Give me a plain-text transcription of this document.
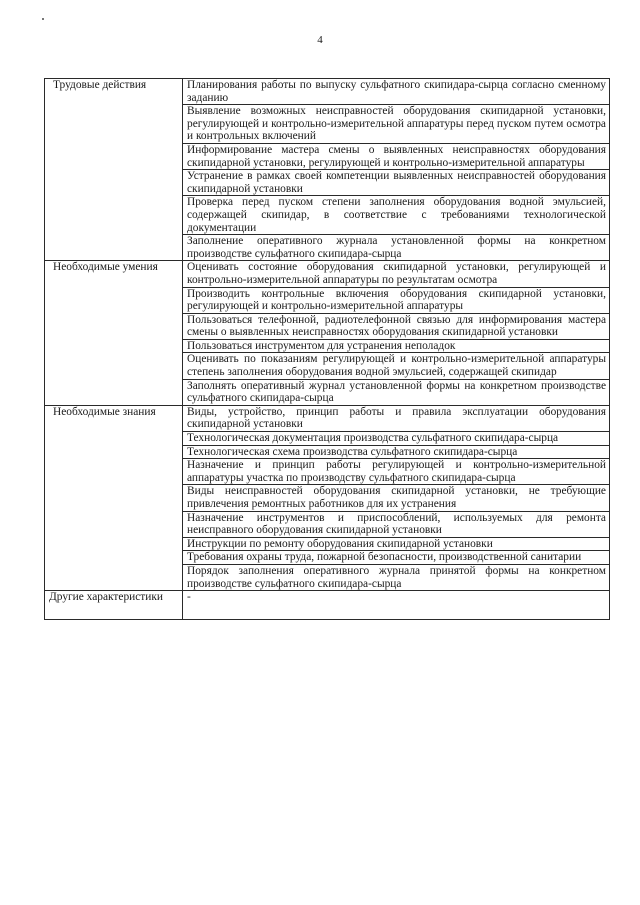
4
Трудовые действия	Планирования работы по выпуску сульфатного скипидара-сырца согласно сменному заданию
	Выявление возможных неисправностей оборудования скипидарной установки, регулирующей и контрольно-измерительной аппаратуры перед пуском путем осмотра и контрольных включений
	Информирование мастера смены о выявленных неисправностях оборудования скипидарной установки, регулирующей и контрольно-измерительной аппаратуры
	Устранение в рамках своей компетенции выявленных неисправностей оборудования скипидарной установки
	Проверка перед пуском степени заполнения оборудования водной эмульсией, содержащей скипидар, в соответствие с требованиями технологической документации
	Заполнение оперативного журнала установленной формы на конкретном производстве сульфатного скипидара-сырца

Необходимые умения	Оценивать состояние оборудования скипидарной установки, регулирующей и контрольно-измерительной аппаратуры по результатам осмотра
	Производить контрольные включения оборудования скипидарной установки, регулирующей и контрольно-измерительной аппаратуры
	Пользоваться телефонной, радиотелефонной связью для информирования мастера смены о выявленных неисправностях оборудования скипидарной установки
	Пользоваться инструментом для устранения неполадок
	Оценивать по показаниям регулирующей и контрольно-измерительной аппаратуры степень заполнения оборудования водной эмульсией, содержащей скипидар
	Заполнять оперативный журнал установленной формы на конкретном производстве сульфатного скипидара-сырца

Необходимые знания	Виды, устройство, принцип работы и правила эксплуатации оборудования скипидарной установки
	Технологическая документация производства сульфатного скипидара-сырца
	Технологическая схема производства сульфатного скипидара-сырца
	Назначение и принцип работы регулирующей и контрольно-измерительной аппаратуры участка по производству сульфатного скипидара-сырца
	Виды неисправностей оборудования скипидарной установки, не требующие привлечения ремонтных работников для их устранения
	Назначение инструментов и приспособлений, используемых для ремонта неисправного оборудования скипидарной установки
	Инструкции по ремонту оборудования скипидарной установки
	Требования охраны труда, пожарной безопасности, производственной санитарии
	Порядок заполнения оперативного журнала принятой формы на конкретном производстве сульфатного скипидара-сырца

Другие характеристики	-
